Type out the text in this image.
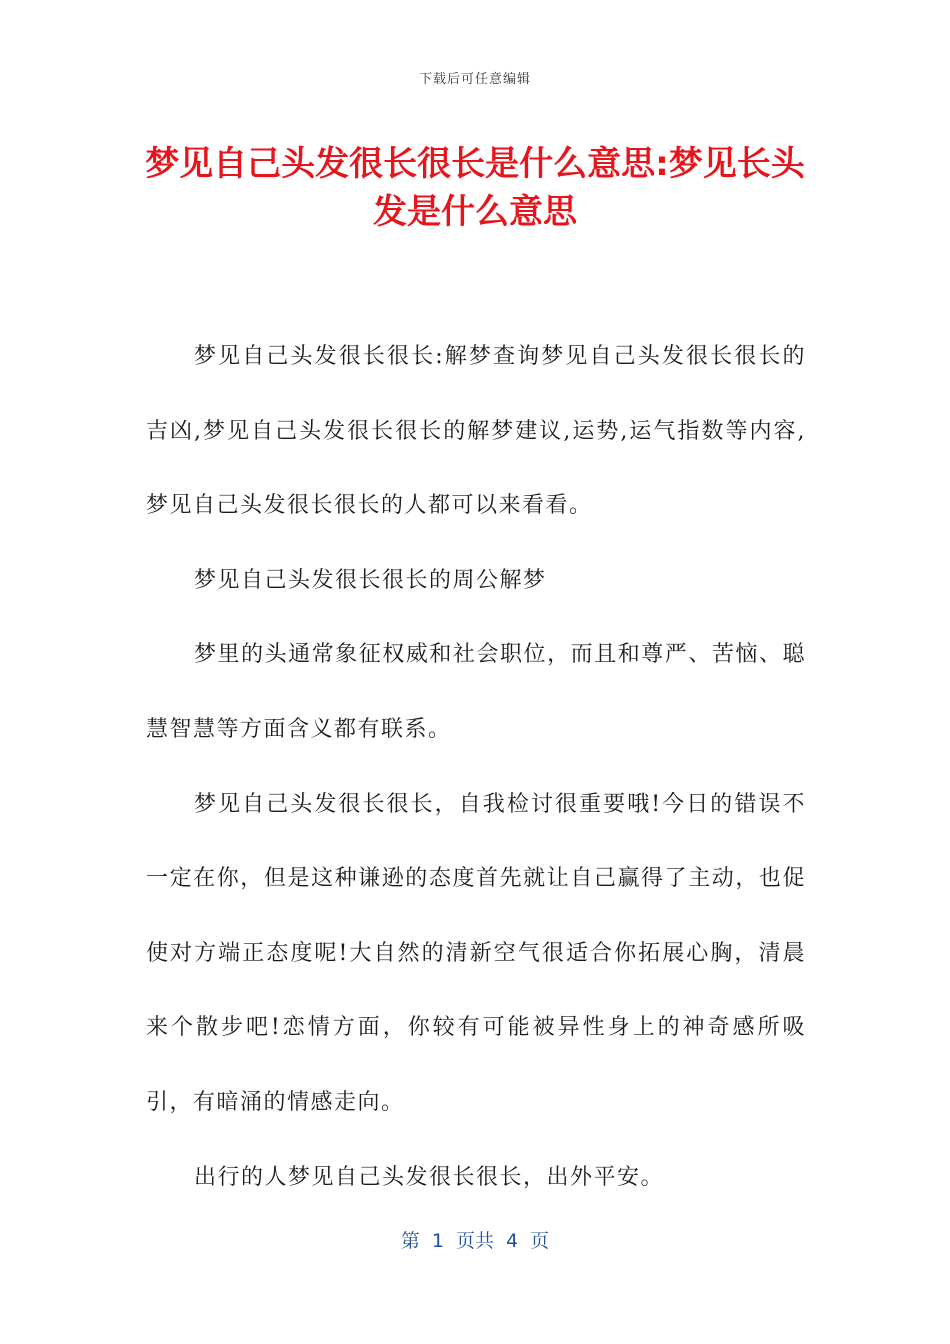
下载后可任意编辑
梦见自己头发很长很长是什么意思:梦见长头发是什么意思

梦见自己头发很长很长:解梦查询梦见自己头发很长很长的吉凶,梦见自己头发很长很长的解梦建议,运势,运气指数等内容,梦见自己头发很长很长的人都可以来看看。

梦见自己头发很长很长的周公解梦

梦里的头通常象征权威和社会职位，而且和尊严、苦恼、聪慧智慧等方面含义都有联系。

梦见自己头发很长很长，自我检讨很重要哦!今日的错误不一定在你，但是这种谦逊的态度首先就让自己赢得了主动，也促使对方端正态度呢!大自然的清新空气很适合你拓展心胸，清晨来个散步吧!恋情方面，你较有可能被异性身上的神奇感所吸引，有暗涌的情感走向。

出行的人梦见自己头发很长很长，出外平安。

第 1 页共 4 页
